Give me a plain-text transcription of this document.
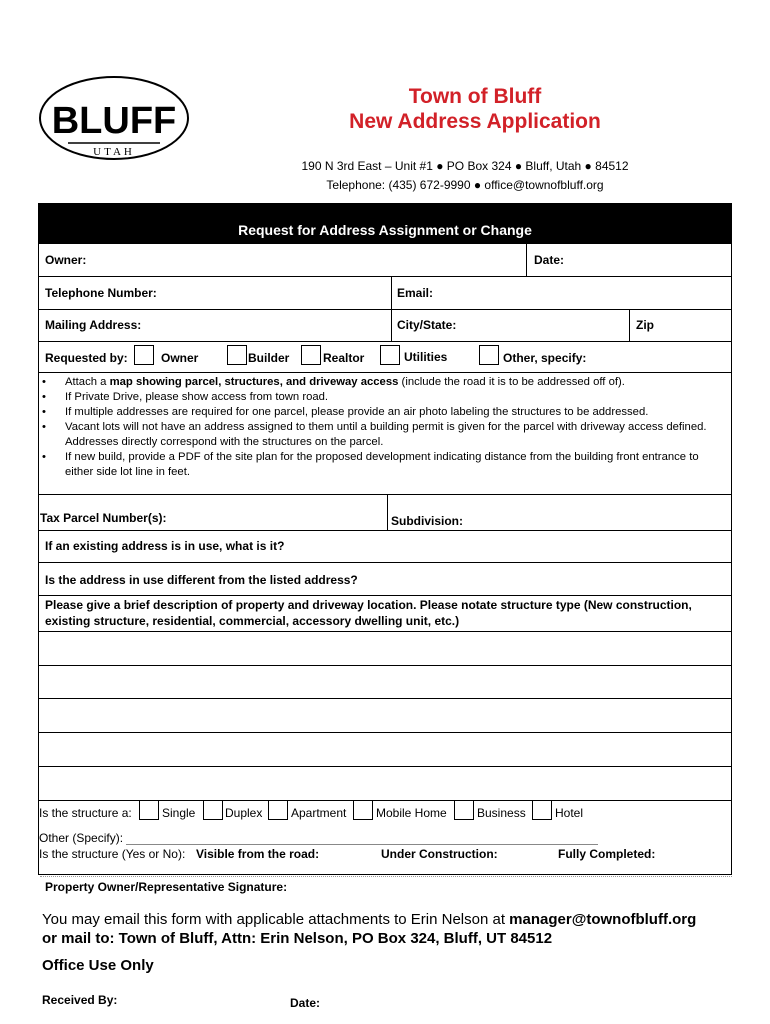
BLUFF
UTAH
Town of Bluff
New Address Application
190 N 3rd East – Unit #1 ● PO Box 324 ● Bluff, Utah ● 84512
Telephone: (435) 672-9990 ● office@townofbluff.org
Request for Address Assignment or Change
Owner:	Date:
Telephone Number:	Email:
Mailing Address:	City/State:	Zip
Requested by:	Owner	Builder	Realtor	Utilities	Other, specify:
• Attach a map showing parcel, structures, and driveway access (include the road it is to be addressed off of).
• If Private Drive, please show access from town road.
• If multiple addresses are required for one parcel, please provide an air photo labeling the structures to be addressed.
• Vacant lots will not have an address assigned to them until a building permit is given for the parcel with driveway access defined. Addresses directly correspond with the structures on the parcel.
• If new build, provide a PDF of the site plan for the proposed development indicating distance from the building front entrance to either side lot line in feet.
Tax Parcel Number(s):	Subdivision:
If an existing address is in use, what is it?
Is the address in use different from the listed address?
Please give a brief description of property and driveway location. Please notate structure type (New construction, existing structure, residential, commercial, accessory dwelling unit, etc.)
Is the structure a:	Single Duplex Apartment Mobile Home	Business Hotel
Other (Specify):
Is the structure (Yes or No): Visible from the road:	Under Construction:	Fully Completed:
Property Owner/Representative Signature:
You may email this form with applicable attachments to Erin Nelson at manager@townofbluff.org
or mail to: Town of Bluff, Attn: Erin Nelson, PO Box 324, Bluff, UT 84512
Office Use Only
Received By:	Date:
